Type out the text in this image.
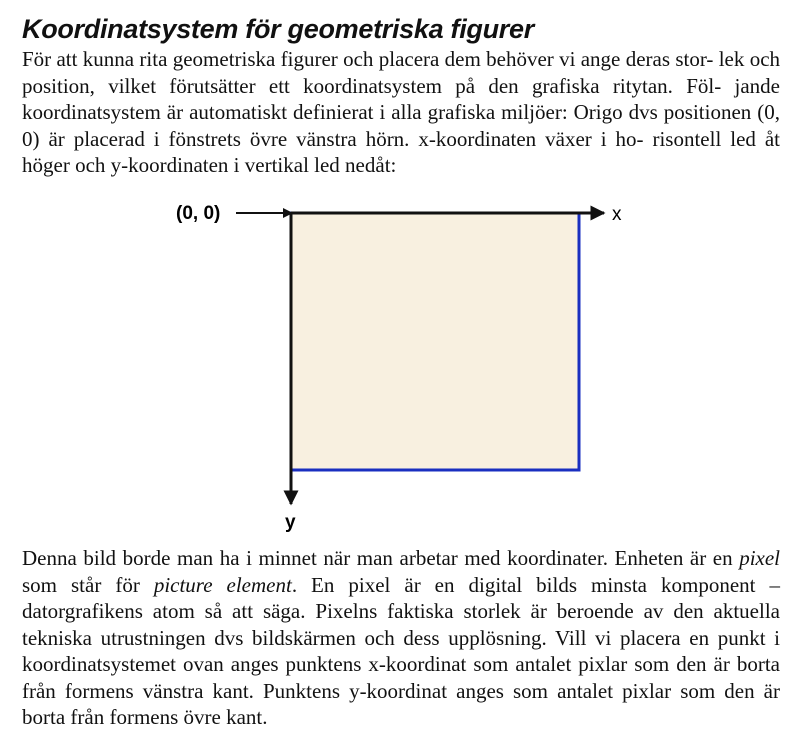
Koordinatsystem för geometriska figurer

För att kunna rita geometriska figurer och placera dem behöver vi ange deras stor- lek och position, vilket förutsätter ett koordinatsystem på den grafiska ritytan. Föl- jande koordinatsystem är automatiskt definierat i alla grafiska miljöer: Origo dvs positionen (0, 0) är placerad i fönstrets övre vänstra hörn. x-koordinaten växer i ho- risontell led åt höger och y-koordinaten i vertikal led nedåt:

(0, 0)	x
y

Denna bild borde man ha i minnet när man arbetar med koordinater. Enheten är en pixel som står för picture element. En pixel är en digital bilds minsta komponent – datorgrafikens atom så att säga. Pixelns faktiska storlek är beroende av den aktuella tekniska utrustningen dvs bildskärmen och dess upplösning. Vill vi placera en punkt i koordinatsystemet ovan anges punktens x-koordinat som antalet pixlar som den är borta från formens vänstra kant. Punktens y-koordinat anges som antalet pixlar som den är borta från formens övre kant.
